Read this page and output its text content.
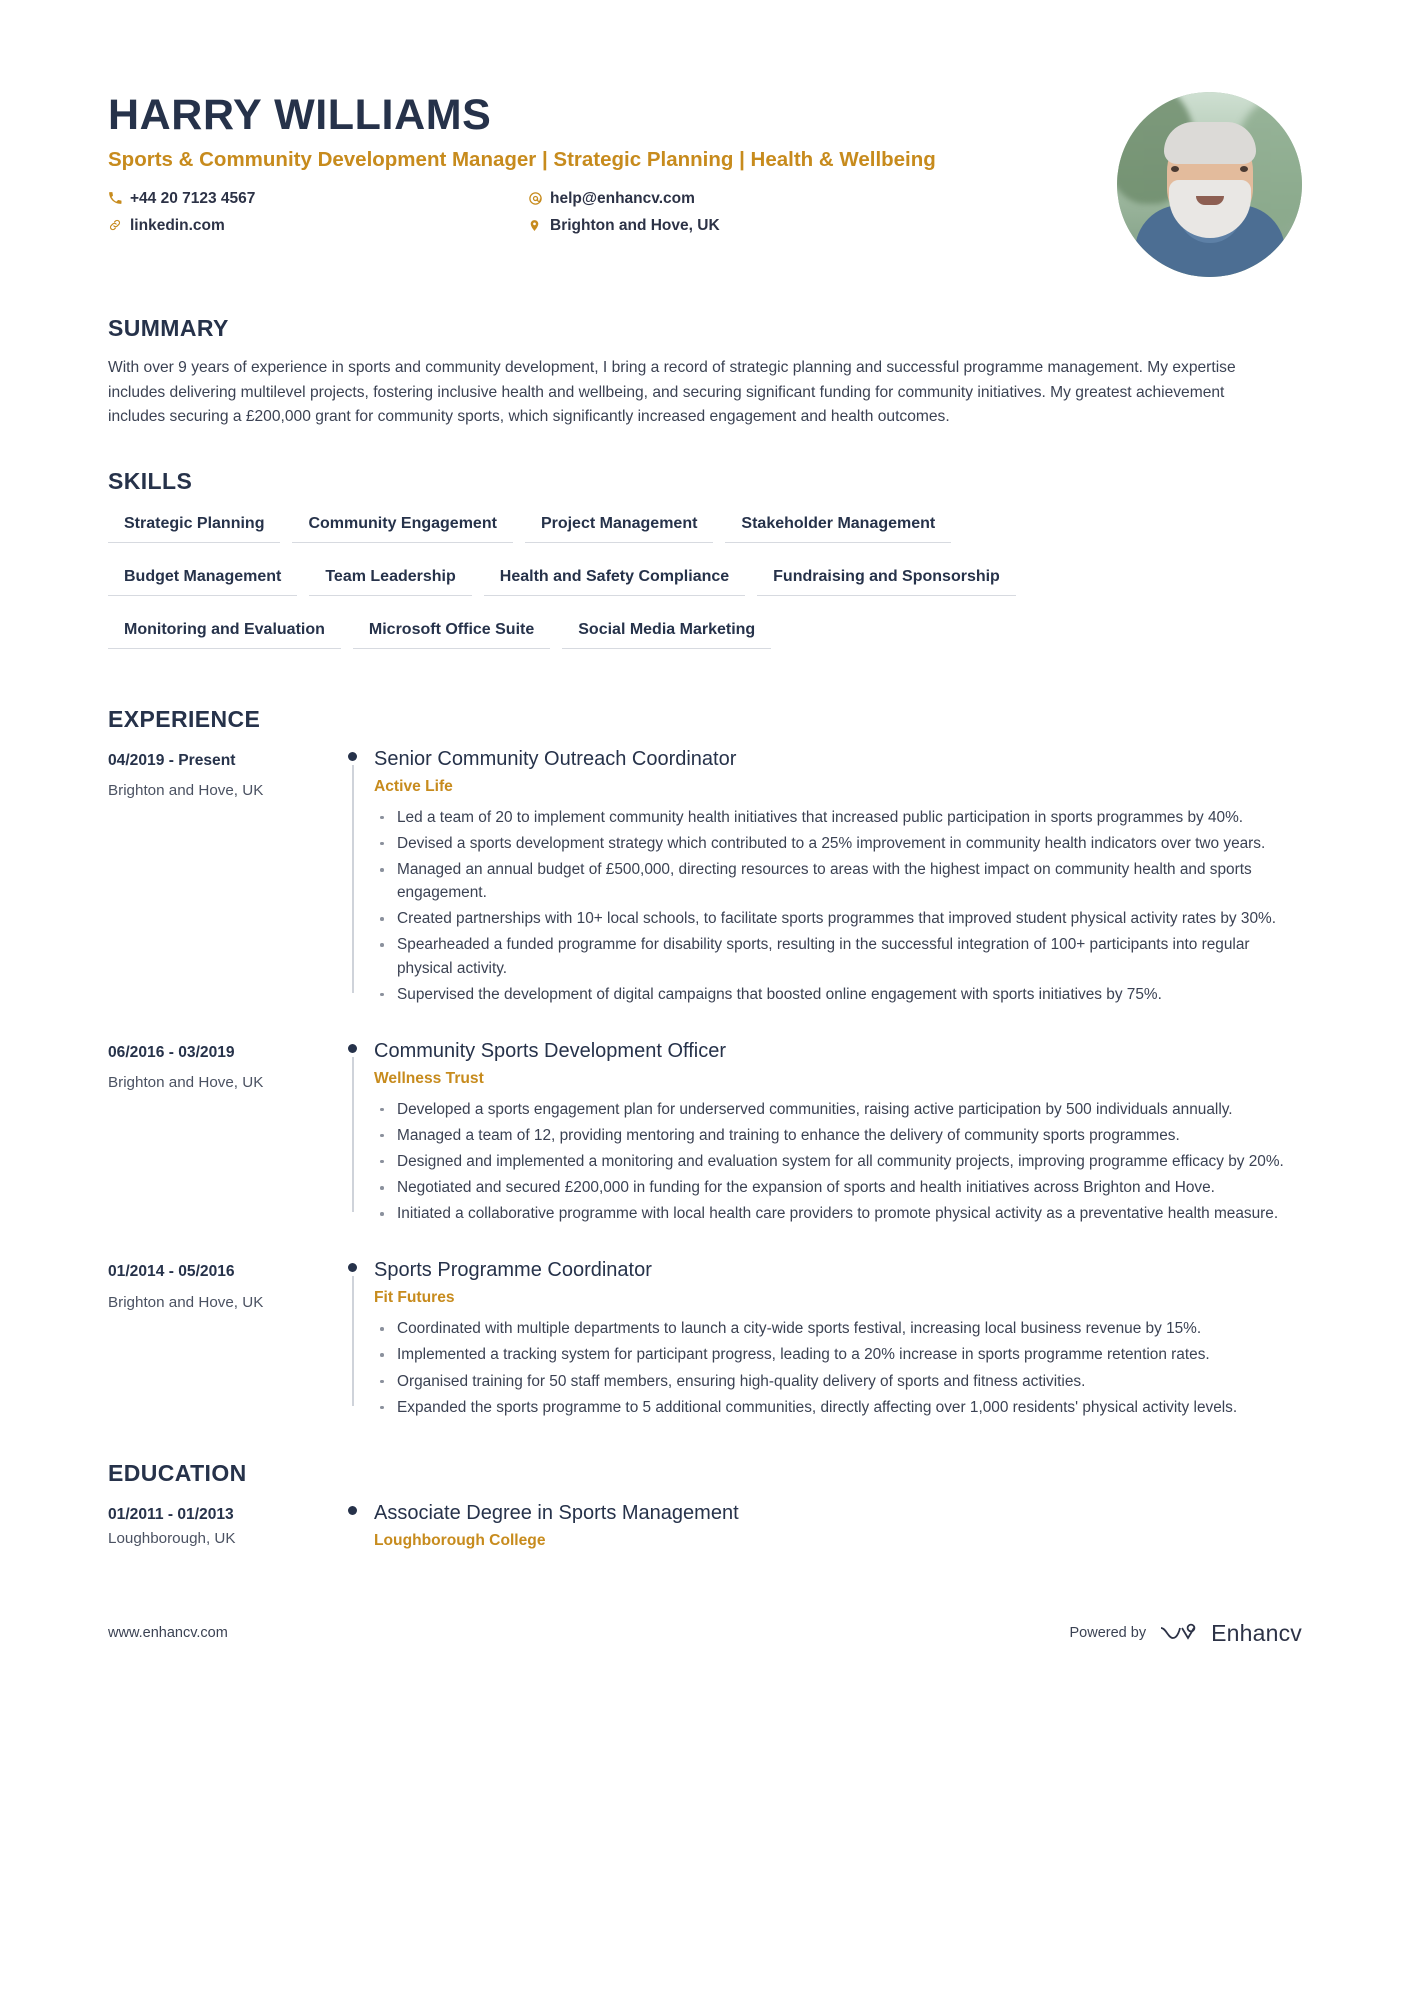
HARRY WILLIAMS
Sports & Community Development Manager | Strategic Planning | Health & Wellbeing
+44 20 7123 4567	help@enhancv.com
linkedin.com	Brighton and Hove, UK
SUMMARY
With over 9 years of experience in sports and community development, I bring a record of strategic planning and successful programme management. My expertise includes delivering multilevel projects, fostering inclusive health and wellbeing, and securing significant funding for community initiatives. My greatest achievement includes securing a £200,000 grant for community sports, which significantly increased engagement and health outcomes.
SKILLS
Strategic Planning	Community Engagement	Project Management	Stakeholder Management
Budget Management	Team Leadership	Health and Safety Compliance	Fundraising and Sponsorship
Monitoring and Evaluation	Microsoft Office Suite	Social Media Marketing
EXPERIENCE
04/2019 - Present
Brighton and Hove, UK
Senior Community Outreach Coordinator
Active Life
Led a team of 20 to implement community health initiatives that increased public participation in sports programmes by 40%.
Devised a sports development strategy which contributed to a 25% improvement in community health indicators over two years.
Managed an annual budget of £500,000, directing resources to areas with the highest impact on community health and sports engagement.
Created partnerships with 10+ local schools, to facilitate sports programmes that improved student physical activity rates by 30%.
Spearheaded a funded programme for disability sports, resulting in the successful integration of 100+ participants into regular physical activity.
Supervised the development of digital campaigns that boosted online engagement with sports initiatives by 75%.
06/2016 - 03/2019
Brighton and Hove, UK
Community Sports Development Officer
Wellness Trust
Developed a sports engagement plan for underserved communities, raising active participation by 500 individuals annually.
Managed a team of 12, providing mentoring and training to enhance the delivery of community sports programmes.
Designed and implemented a monitoring and evaluation system for all community projects, improving programme efficacy by 20%.
Negotiated and secured £200,000 in funding for the expansion of sports and health initiatives across Brighton and Hove.
Initiated a collaborative programme with local health care providers to promote physical activity as a preventative health measure.
01/2014 - 05/2016
Brighton and Hove, UK
Sports Programme Coordinator
Fit Futures
Coordinated with multiple departments to launch a city-wide sports festival, increasing local business revenue by 15%.
Implemented a tracking system for participant progress, leading to a 20% increase in sports programme retention rates.
Organised training for 50 staff members, ensuring high-quality delivery of sports and fitness activities.
Expanded the sports programme to 5 additional communities, directly affecting over 1,000 residents' physical activity levels.
EDUCATION
01/2011 - 01/2013
Loughborough, UK
Associate Degree in Sports Management
Loughborough College
www.enhancv.com	Powered by	Enhancv
